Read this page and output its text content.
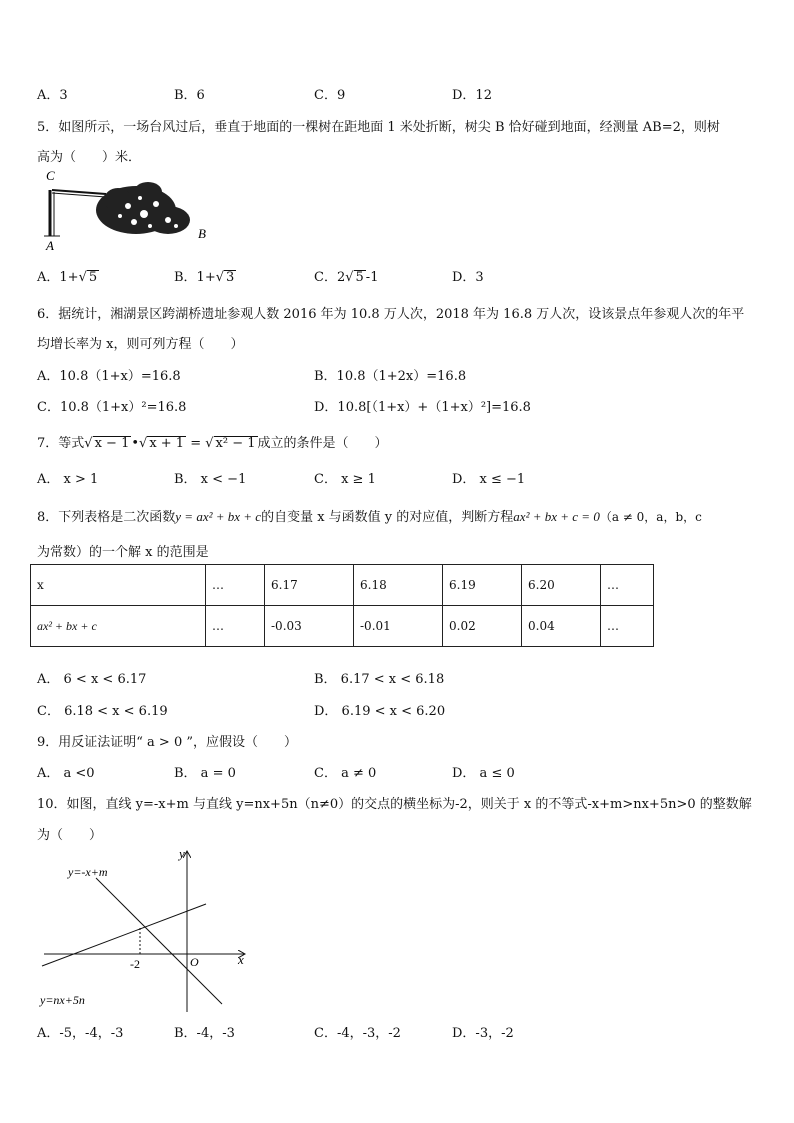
A．3	B．6	C．9	D．12
5．如图所示，一场台风过后，垂直于地面的一棵树在距地面 1 米处折断，树尖 B 恰好碰到地面，经测量 AB=2，则树
高为（　　）米．
C
A
B
A．1+√ 5	B．1+√ 3	C．2√ 5 -1	D．3
6．据统计，湘湖景区跨湖桥遗址参观人数 2016 年为 10.8 万人次，2018 年为 16.8 万人次，设该景点年参观人次的年平
均增长率为 x，则可列方程（　　）
A．10.8（1+x）=16.8	B．10.8（1+2x）=16.8
C．10.8（1+x）²=16.8	D．10.8[（1+x）+（1+x）²]=16.8
7．等式√ x − 1 •√ x + 1 = √ x² − 1 成立的条件是（　　）
A． x > 1	B． x < −1	C． x ≥ 1	D． x ≤ −1
8．下列表格是二次函数y = ax² + bx + c的自变量 x 与函数值 y 的对应值，判断方程ax² + bx + c = 0（a ≠ 0，a，b，c
为常数）的一个解 x 的范围是
x	…	6.17	6.18	6.19	6.20	…
ax² + bx + c	…	-0.03	-0.01	0.02	0.04	…
A． 6 < x < 6.17	B． 6.17 < x < 6.18
C． 6.18 < x < 6.19	D． 6.19 < x < 6.20
9．用反证法证明“ a > 0 ”，应假设（　　）
A． a <0	B． a = 0	C． a ≠ 0	D． a ≤ 0
10．如图，直线 y=-x+m 与直线 y=nx+5n（n≠0）的交点的横坐标为-2，则关于 x 的不等式-x+m>nx+5n>0 的整数解
为（　　）
y
x
O
-2
y=-x+m
y=nx+5n
A．-5，-4，-3	B．-4，-3	C．-4，-3，-2	D．-3，-2
